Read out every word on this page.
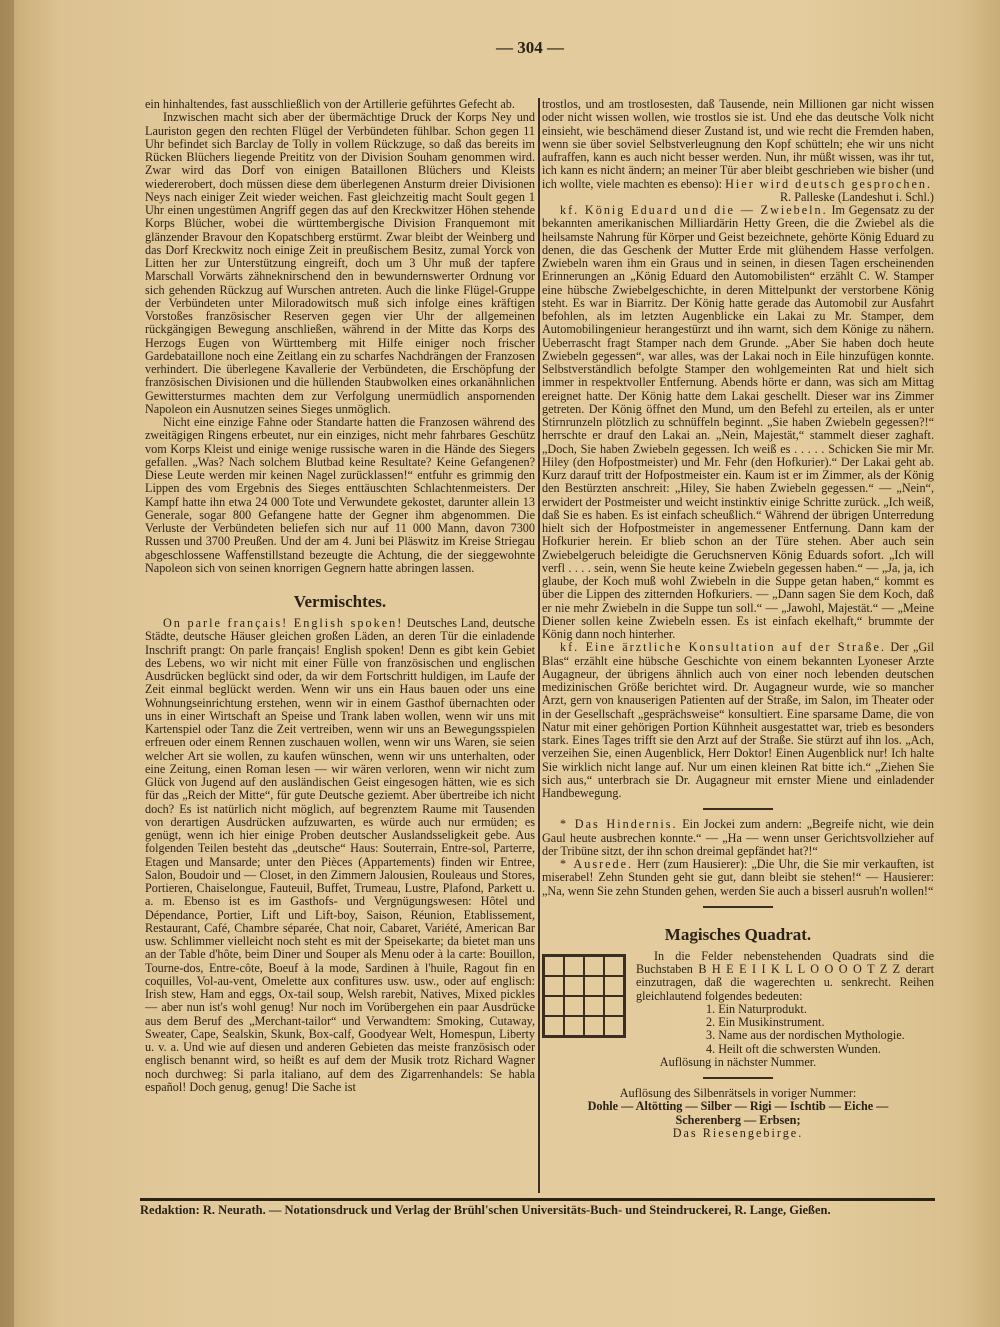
— 304 —

ein hinhaltendes, fast ausschließlich von der Artillerie geführtes Gefecht ab.

Inzwischen macht sich aber der übermächtige Druck der Korps Ney und Lauriston gegen den rechten Flügel der Verbündeten fühlbar. Schon gegen 11 Uhr befindet sich Barclay de Tolly in vollem Rückzuge, so daß das bereits im Rücken Blüchers liegende Preititz von der Division Souham genommen wird. Zwar wird das Dorf von einigen Bataillonen Blüchers und Kleists wiedererobert, doch müssen diese dem überlegenen Ansturm dreier Divisionen Neys nach einiger Zeit wieder weichen. Fast gleichzeitig macht Soult gegen 1 Uhr einen ungestümen Angriff gegen das auf den Kreckwitzer Höhen stehende Korps Blücher, wobei die württembergische Division Franquemont mit glänzender Bravour den Kopatschberg erstürmt. Zwar bleibt der Weinberg und das Dorf Kreckwitz noch einige Zeit in preußischem Besitz, zumal Yorck von Litten her zur Unterstützung eingreift, doch um 3 Uhr muß der tapfere Marschall Vorwärts zähneknirschend den in bewundernswerter Ordnung vor sich gehenden Rückzug auf Wurschen antreten. Auch die linke Flügel-Gruppe der Verbündeten unter Miloradowitsch muß sich infolge eines kräftigen Vorstoßes französischer Reserven gegen vier Uhr der allgemeinen rückgängigen Bewegung anschließen, während in der Mitte das Korps des Herzogs Eugen von Württemberg mit Hilfe einiger noch frischer Gardebataillone noch eine Zeitlang ein zu scharfes Nachdrängen der Franzosen verhindert. Die überlegene Kavallerie der Verbündeten, die Erschöpfung der französischen Divisionen und die hüllenden Staubwolken eines orkanähnlichen Gewittersturmes machten dem zur Verfolgung unermüdlich anspornenden Napoleon ein Ausnutzen seines Sieges unmöglich.

Nicht eine einzige Fahne oder Standarte hatten die Franzosen während des zweitägigen Ringens erbeutet, nur ein einziges, nicht mehr fahrbares Geschütz vom Korps Kleist und einige wenige russische waren in die Hände des Siegers gefallen. „Was? Nach solchem Blutbad keine Resultate? Keine Gefangenen? Diese Leute werden mir keinen Nagel zurücklassen!“ entfuhr es grimmig den Lippen des vom Ergebnis des Sieges enttäuschten Schlachtenmeisters. Der Kampf hatte ihn etwa 24 000 Tote und Verwundete gekostet, darunter allein 13 Generale, sogar 800 Gefangene hatte der Gegner ihm abgenommen. Die Verluste der Verbündeten beliefen sich nur auf 11 000 Mann, davon 7300 Russen und 3700 Preußen. Und der am 4. Juni bei Pläswitz im Kreise Striegau abgeschlossene Waffenstillstand bezeugte die Achtung, die der sieggewohnte Napoleon sich von seinen knorrigen Gegnern hatte abringen lassen.

Vermischtes.

On parle français! English spoken! Deutsches Land, deutsche Städte, deutsche Häuser gleichen großen Läden, an deren Tür die einladende Inschrift prangt: On parle français! English spoken! Denn es gibt kein Gebiet des Lebens, wo wir nicht mit einer Fülle von französischen und englischen Ausdrücken beglückt sind oder, da wir dem Fortschritt huldigen, im Laufe der Zeit einmal beglückt werden. Wenn wir uns ein Haus bauen oder uns eine Wohnungseinrichtung erstehen, wenn wir in einem Gasthof übernachten oder uns in einer Wirtschaft an Speise und Trank laben wollen, wenn wir uns mit Kartenspiel oder Tanz die Zeit vertreiben, wenn wir uns an Bewegungsspielen erfreuen oder einem Rennen zuschauen wollen, wenn wir uns Waren, sie seien welcher Art sie wollen, zu kaufen wünschen, wenn wir uns unterhalten, oder eine Zeitung, einen Roman lesen — wir wären verloren, wenn wir nicht zum Glück von Jugend auf den ausländischen Geist eingesogen hätten, wie es sich für das „Reich der Mitte“, für gute Deutsche geziemt. Aber übertreibe ich nicht doch? Es ist natürlich nicht möglich, auf begrenztem Raume mit Tausenden von derartigen Ausdrücken aufzuwarten, es würde auch nur ermüden; es genügt, wenn ich hier einige Proben deutscher Auslandsseligkeit gebe. Aus folgenden Teilen besteht das „deutsche“ Haus: Souterrain, Entre-sol, Parterre, Etagen und Mansarde; unter den Pièces (Appartements) finden wir Entree, Salon, Boudoir und — Closet, in den Zimmern Jalousien, Rouleaus und Stores, Portieren, Chaiselongue, Fauteuil, Buffet, Trumeau, Lustre, Plafond, Parkett u. a. m. Ebenso ist es im Gasthofs- und Vergnügungswesen: Hôtel und Dépendance, Portier, Lift und Lift-boy, Saison, Réunion, Etablissement, Restaurant, Café, Chambre séparée, Chat noir, Cabaret, Variété, American Bar usw. Schlimmer vielleicht noch steht es mit der Speisekarte; da bietet man uns an der Table d'hôte, beim Diner und Souper als Menu oder à la carte: Bouillon, Tourne-dos, Entre-côte, Boeuf à la mode, Sardinen à l'huile, Ragout fin en coquilles, Vol-au-vent, Omelette aux confitures usw. usw., oder auf englisch: Irish stew, Ham and eggs, Ox-tail soup, Welsh rarebit, Natives, Mixed pickles — aber nun ist's wohl genug! Nur noch im Vorübergehen ein paar Ausdrücke aus dem Beruf des „Merchant-tailor“ und Verwandtem: Smoking, Cutaway, Sweater, Cape, Sealskin, Skunk, Box-calf, Goodyear Welt, Homespun, Liberty u. v. a. Und wie auf diesen und anderen Gebieten das meiste französisch oder englisch benannt wird, so heißt es auf dem der Musik trotz Richard Wagner noch durchweg: Si parla italiano, auf dem des Zigarrenhandels: Se habla español! Doch genug, genug! Die Sache ist

trostlos, und am trostlosesten, daß Tausende, nein Millionen gar nicht wissen oder nicht wissen wollen, wie trostlos sie ist. Und ehe das deutsche Volk nicht einsieht, wie beschämend dieser Zustand ist, und wie recht die Fremden haben, wenn sie über soviel Selbstverleugnung den Kopf schütteln; ehe wir uns nicht aufraffen, kann es auch nicht besser werden. Nun, ihr müßt wissen, was ihr tut, ich kann es nicht ändern; an meiner Tür aber bleibt geschrieben wie bisher (und ich wollte, viele machten es ebenso): Hier wird deutsch gesprochen.

R. Palleske (Landeshut i. Schl.)

kf. König Eduard und die — Zwiebeln. Im Gegensatz zu der bekannten amerikanischen Milliardärin Hetty Green, die die Zwiebel als die heilsamste Nahrung für Körper und Geist bezeichnete, gehörte König Eduard zu denen, die das Geschenk der Mutter Erde mit glühendem Hasse verfolgen. Zwiebeln waren ihm ein Graus und in seinen, in diesen Tagen erscheinenden Erinnerungen an „König Eduard den Automobilisten“ erzählt C. W. Stamper eine hübsche Zwiebelgeschichte, in deren Mittelpunkt der verstorbene König steht. Es war in Biarritz. Der König hatte gerade das Automobil zur Ausfahrt befohlen, als im letzten Augenblicke ein Lakai zu Mr. Stamper, dem Automobilingenieur herangestürzt und ihn warnt, sich dem Könige zu nähern. Ueberrascht fragt Stamper nach dem Grunde. „Aber Sie haben doch heute Zwiebeln gegessen“, war alles, was der Lakai noch in Eile hinzufügen konnte. Selbstverständlich befolgte Stamper den wohlgemeinten Rat und hielt sich immer in respektvoller Entfernung. Abends hörte er dann, was sich am Mittag ereignet hatte. Der König hatte dem Lakai geschellt. Dieser war ins Zimmer getreten. Der König öffnet den Mund, um den Befehl zu erteilen, als er unter Stirnrunzeln plötzlich zu schnüffeln beginnt. „Sie haben Zwiebeln gegessen?!“ herrschte er drauf den Lakai an. „Nein, Majestät,“ stammelt dieser zaghaft. „Doch, Sie haben Zwiebeln gegessen. Ich weiß es . . . . . Schicken Sie mir Mr. Hiley (den Hofpostmeister) und Mr. Fehr (den Hofkurier).“ Der Lakai geht ab. Kurz darauf tritt der Hofpostmeister ein. Kaum ist er im Zimmer, als der König den Bestürzten anschreit: „Hiley, Sie haben Zwiebeln gegessen.“ — „Nein“, erwidert der Postmeister und weicht instinktiv einige Schritte zurück. „Ich weiß, daß Sie es haben. Es ist einfach scheußlich.“ Während der übrigen Unterredung hielt sich der Hofpostmeister in angemessener Entfernung. Dann kam der Hofkurier herein. Er blieb schon an der Türe stehen. Aber auch sein Zwiebelgeruch beleidigte die Geruchsnerven König Eduards sofort. „Ich will verfl . . . . sein, wenn Sie heute keine Zwiebeln gegessen haben.“ — „Ja, ja, ich glaube, der Koch muß wohl Zwiebeln in die Suppe getan haben,“ kommt es über die Lippen des zitternden Hofkuriers. — „Dann sagen Sie dem Koch, daß er nie mehr Zwiebeln in die Suppe tun soll.“ — „Jawohl, Majestät.“ — „Meine Diener sollen keine Zwiebeln essen. Es ist einfach ekelhaft,“ brummte der König dann noch hinterher.

kf. Eine ärztliche Konsultation auf der Straße. Der „Gil Blas“ erzählt eine hübsche Geschichte von einem bekannten Lyoneser Arzte Augagneur, der übrigens ähnlich auch von einer noch lebenden deutschen medizinischen Größe berichtet wird. Dr. Augagneur wurde, wie so mancher Arzt, gern von knauserigen Patienten auf der Straße, im Salon, im Theater oder in der Gesellschaft „gesprächsweise“ konsultiert. Eine sparsame Dame, die von Natur mit einer gehörigen Portion Kühnheit ausgestattet war, trieb es besonders stark. Eines Tages trifft sie den Arzt auf der Straße. Sie stürzt auf ihn los. „Ach, verzeihen Sie, einen Augenblick, Herr Doktor! Einen Augenblick nur! Ich halte Sie wirklich nicht lange auf. Nur um einen kleinen Rat bitte ich.“ „Ziehen Sie sich aus,“ unterbrach sie Dr. Augagneur mit ernster Miene und einladender Handbewegung.

* Das Hindernis. Ein Jockei zum andern: „Begreife nicht, wie dein Gaul heute ausbrechen konnte.“ — „Ha — wenn unser Gerichtsvollzieher auf der Tribüne sitzt, der ihn schon dreimal gepfändet hat?!“

* Ausrede. Herr (zum Hausierer): „Die Uhr, die Sie mir verkauften, ist miserabel! Zehn Stunden geht sie gut, dann bleibt sie stehen!“ — Hausierer: „Na, wenn Sie zehn Stunden gehen, werden Sie auch a bisserl ausruh'n wollen!“

Magisches Quadrat.

In die Felder nebenstehenden Quadrats sind die Buchstaben B H E E I I K L L O O O O T Z Z derart einzutragen, daß die wagerechten u. senkrecht. Reihen gleichlautend folgendes bedeuten:

1. Ein Naturprodukt.
2. Ein Musikinstrument.
3. Name aus der nordischen Mythologie.
4. Heilt oft die schwersten Wunden.

Auflösung in nächster Nummer.

Auflösung des Silbenrätsels in voriger Nummer:

Dohle — Altötting — Silber — Rigi — Ischtib — Eiche —

Scherenberg — Erbsen;

Das Riesengebirge.

Redaktion: R. Neurath. — Notationsdruck und Verlag der Brühl'schen Universitäts-Buch- und Steindruckerei, R. Lange, Gießen.
